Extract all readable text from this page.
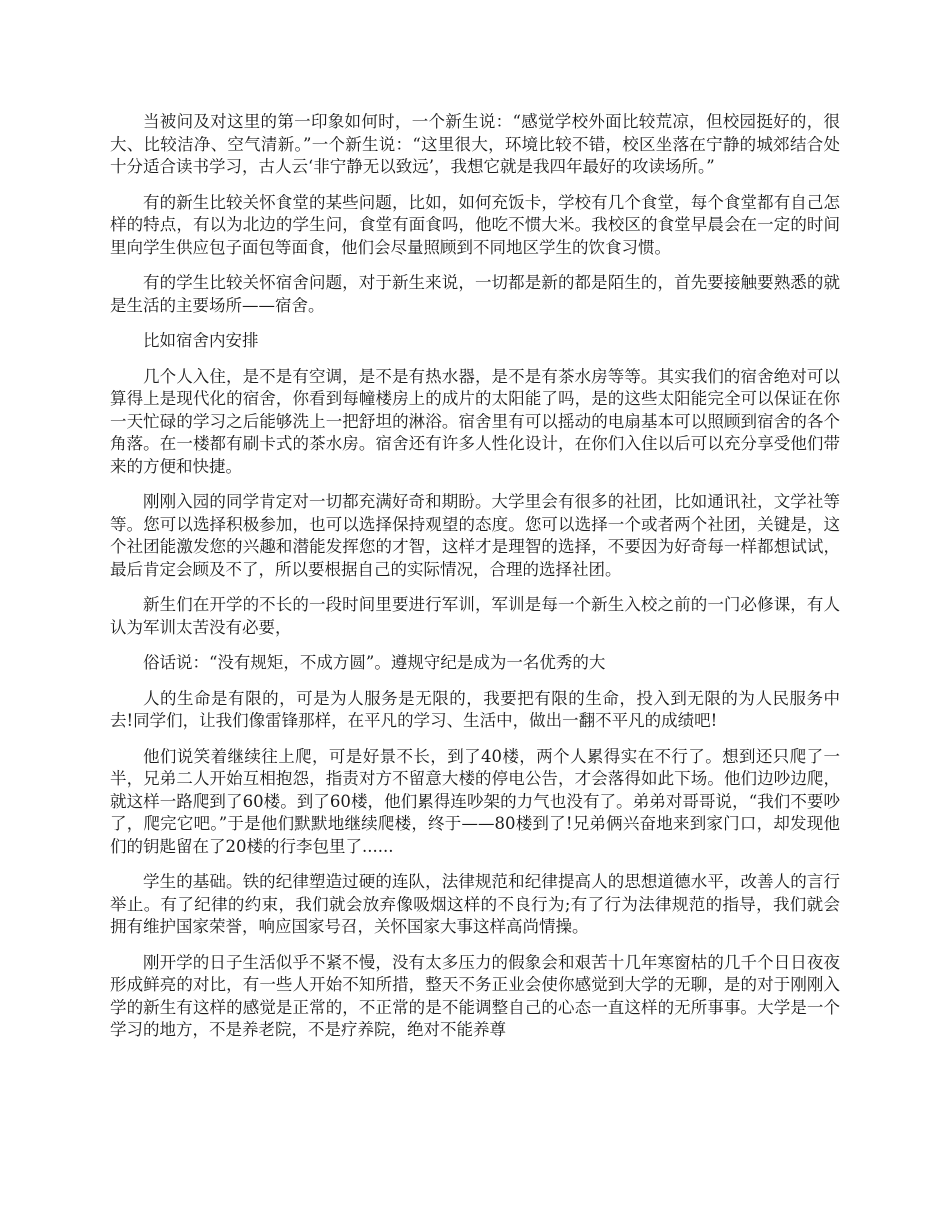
当被问及对这里的第一印象如何时，一个新生说：“感觉学校外面比较荒凉，但校园挺好的，很大、比较洁净、空气清新。”一个新生说：“这里很大，环境比较不错，校区坐落在宁静的城郊结合处十分适合读书学习，古人云‘非宁静无以致远’，我想它就是我四年最好的攻读场所。”

有的新生比较关怀食堂的某些问题，比如，如何充饭卡，学校有几个食堂，每个食堂都有自己怎样的特点，有以为北边的学生问，食堂有面食吗，他吃不惯大米。我校区的食堂早晨会在一定的时间里向学生供应包子面包等面食，他们会尽量照顾到不同地区学生的饮食习惯。

有的学生比较关怀宿舍问题，对于新生来说，一切都是新的都是陌生的，首先要接触要熟悉的就是生活的主要场所——宿舍。

比如宿舍内安排

几个人入住，是不是有空调，是不是有热水器，是不是有茶水房等等。其实我们的宿舍绝对可以算得上是现代化的宿舍，你看到每幢楼房上的成片的太阳能了吗，是的这些太阳能完全可以保证在你一天忙碌的学习之后能够洗上一把舒坦的淋浴。宿舍里有可以摇动的电扇基本可以照顾到宿舍的各个角落。在一楼都有刷卡式的茶水房。宿舍还有许多人性化设计，在你们入住以后可以充分享受他们带来的方便和快捷。

刚刚入园的同学肯定对一切都充满好奇和期盼。大学里会有很多的社团，比如通讯社，文学社等等。您可以选择积极参加，也可以选择保持观望的态度。您可以选择一个或者两个社团，关键是，这个社团能激发您的兴趣和潜能发挥您的才智，这样才是理智的选择，不要因为好奇每一样都想试试，最后肯定会顾及不了，所以要根据自己的实际情况，合理的选择社团。

新生们在开学的不长的一段时间里要进行军训，军训是每一个新生入校之前的一门必修课，有人认为军训太苦没有必要，

俗话说：“没有规矩，不成方圆”。遵规守纪是成为一名优秀的大

人的生命是有限的，可是为人服务是无限的，我要把有限的生命，投入到无限的为人民服务中去!同学们，让我们像雷锋那样，在平凡的学习、生活中，做出一翻不平凡的成绩吧!

他们说笑着继续往上爬，可是好景不长，到了40楼，两个人累得实在不行了。想到还只爬了一半，兄弟二人开始互相抱怨，指责对方不留意大楼的停电公告，才会落得如此下场。他们边吵边爬，就这样一路爬到了60楼。到了60楼，他们累得连吵架的力气也没有了。弟弟对哥哥说，“我们不要吵了，爬完它吧。”于是他们默默地继续爬楼，终于——80楼到了!兄弟俩兴奋地来到家门口，却发现他们的钥匙留在了20楼的行李包里了......

学生的基础。铁的纪律塑造过硬的连队，法律规范和纪律提高人的思想道德水平，改善人的言行举止。有了纪律的约束，我们就会放弃像吸烟这样的不良行为;有了行为法律规范的指导，我们就会拥有维护国家荣誉，响应国家号召，关怀国家大事这样高尚情操。

刚开学的日子生活似乎不紧不慢，没有太多压力的假象会和艰苦十几年寒窗枯的几千个日日夜夜形成鲜亮的对比，有一些人开始不知所措，整天不务正业会使你感觉到大学的无聊，是的对于刚刚入学的新生有这样的感觉是正常的，不正常的是不能调整自己的心态一直这样的无所事事。大学是一个学习的地方，不是养老院，不是疗养院，绝对不能养尊
